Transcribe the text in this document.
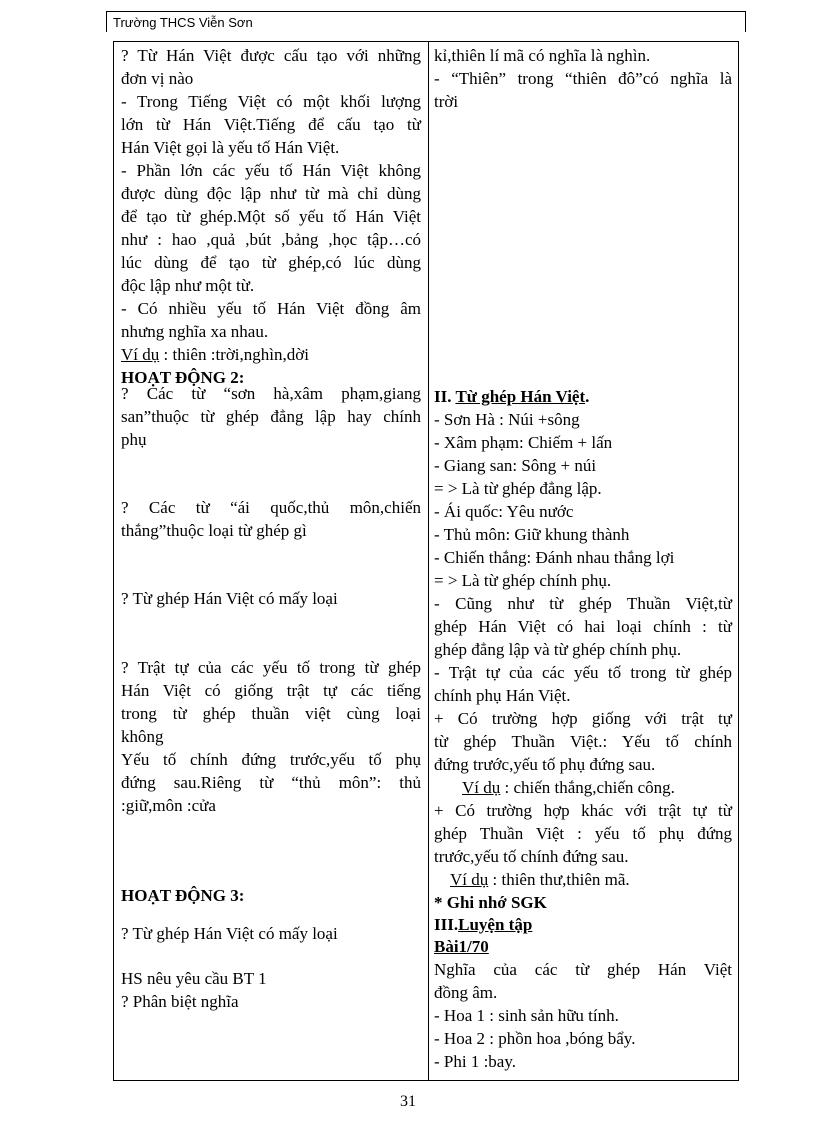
Trường THCS Viễn Sơn
? Từ Hán Việt được cấu tạo với những
đơn vị nào
- Trong Tiếng Việt có một khối lượng
lớn từ Hán Việt.Tiếng để cấu tạo từ
Hán Việt gọi là yếu tố Hán Việt.
- Phần lớn các yếu tố Hán Việt không
được dùng độc lập như từ mà chỉ dùng
để tạo từ ghép.Một số yếu tố Hán Việt
như : hao ,quả ,bút ,bảng ,học tập…có
lúc dùng để tạo từ ghép,có lúc dùng
độc lập như một từ.
- Có nhiều yếu tố Hán Việt đồng âm
nhưng nghĩa xa nhau.
Ví dụ : thiên :trời,nghìn,dời
HOẠT ĐỘNG 2:
? Các từ “sơn hà,xâm phạm,giang
san”thuộc từ ghép đẳng lập hay chính
phụ
? Các từ “ái quốc,thủ môn,chiến
thắng”thuộc loại từ ghép gì
? Từ ghép Hán Việt có mấy loại
? Trật tự của các yếu tố trong từ ghép
Hán Việt có giống trật tự các tiếng
trong từ ghép thuần việt cùng loại
không
Yếu tố chính đứng trước,yếu tố phụ
đứng sau.Riêng từ “thủ môn”: thủ
:giữ,môn :cửa
HOẠT ĐỘNG 3:
? Từ ghép Hán Việt có mấy loại
HS nêu yêu cầu BT 1
? Phân biệt nghĩa
kỉ,thiên lí mã có nghĩa là nghìn.
- “Thiên” trong “thiên đô”có nghĩa là
trời
II. Từ ghép Hán Việt.
- Sơn Hà : Núi +sông
- Xâm phạm: Chiếm + lấn
- Giang san: Sông + núi
= > Là từ ghép đẳng lập.
- Ái quốc: Yêu nước
- Thủ môn: Giữ khung thành
- Chiến thắng: Đánh nhau thắng lợi
= > Là từ ghép chính phụ.
- Cũng như từ ghép Thuần Việt,từ
ghép Hán Việt có hai loại chính : từ
ghép đẳng lập và từ ghép chính phụ.
- Trật tự của các yếu tố trong từ ghép
chính phụ Hán Việt.
+ Có trường hợp giống với trật tự
từ ghép Thuần Việt.: Yếu tố chính
đứng trước,yếu tố phụ đứng sau.
Ví dụ : chiến thắng,chiến công.
+ Có trường hợp khác với trật tự từ
ghép Thuần Việt : yếu tố phụ đứng
trước,yếu tố chính đứng sau.
Ví dụ : thiên thư,thiên mã.
* Ghi nhớ SGK
III.Luyện tập
Bài1/70
Nghĩa của các từ ghép Hán Việt
đồng âm.
- Hoa 1 : sinh sản hữu tính.
- Hoa 2 : phồn hoa ,bóng bẩy.
- Phi 1 :bay.
31
